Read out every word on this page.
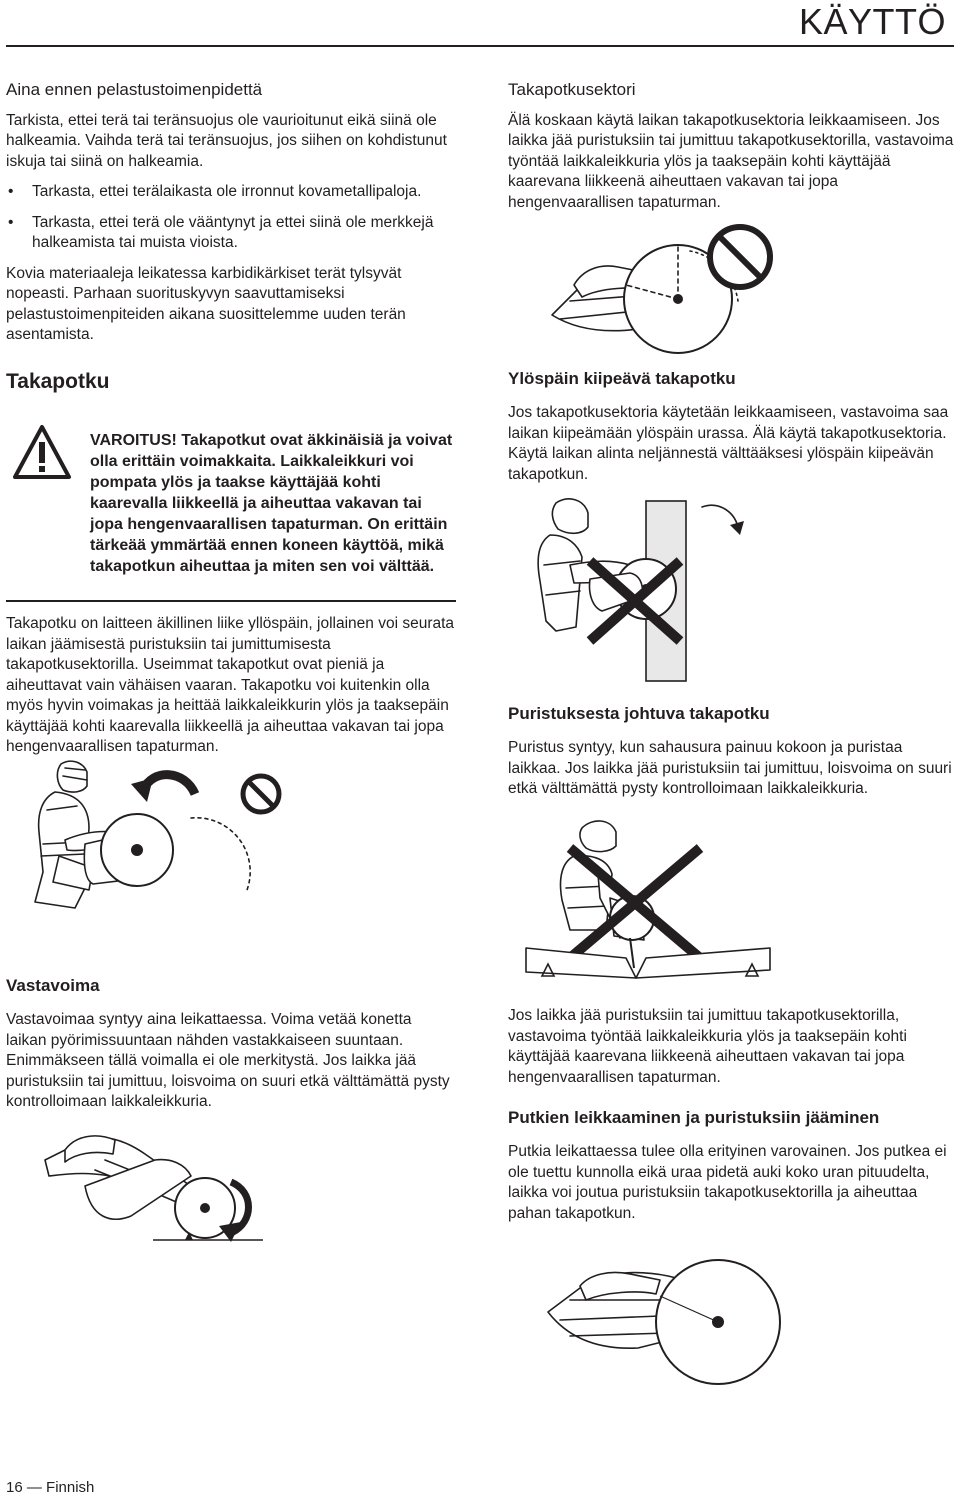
KÄYTTÖ
Aina ennen pelastustoimenpidettä

Tarkista, ettei terä tai teränsuojus ole vaurioitunut eikä siinä ole halkeamia. Vaihda terä tai teränsuojus, jos siihen on kohdistunut iskuja tai siinä on halkeamia.

• Tarkasta, ettei terälaikasta ole irronnut kovametallipaloja.
• Tarkasta, ettei terä ole vääntynyt ja ettei siinä ole merkkejä halkeamista tai muista vioista.

Kovia materiaaleja leikatessa karbidikärkiset terät tylsyvät nopeasti. Parhaan suorituskyvyn saavuttamiseksi pelastustoimenpiteiden aikana suosittelemme uuden terän asentamista.

Takapotku
VAROITUS! Takapotkut ovat äkkinäisiä ja voivat olla erittäin voimakkaita. Laikkaleikkuri voi pompata ylös ja taakse käyttäjää kohti kaarevalla liikkeellä ja aiheuttaa vakavan tai jopa hengenvaarallisen tapaturman. On erittäin tärkeää ymmärtää ennen koneen käyttöä, mikä takapotkun aiheuttaa ja miten sen voi välttää.
Takapotku on laitteen äkillinen liike yllöspäin, jollainen voi seurata laikan jäämisestä puristuksiin tai jumittumisesta takapotkusektorilla. Useimmat takapotkut ovat pieniä ja aiheuttavat vain vähäisen vaaran. Takapotku voi kuitenkin olla myös hyvin voimakas ja heittää laikkaleikkurin ylös ja taaksepäin käyttäjää kohti kaarevalla liikkeellä ja aiheuttaa vakavan tai jopa hengenvaarallisen tapaturman.
Vastavoima
Vastavoimaa syntyy aina leikattaessa. Voima vetää konetta laikan pyörimissuuntaan nähden vastakkaiseen suuntaan. Enimmäkseen tällä voimalla ei ole merkitystä. Jos laikka jää puristuksiin tai jumittuu, loisvoima on suuri etkä välttämättä pysty kontrolloimaan laikkaleikkuria.
Takapotkusektori

Älä koskaan käytä laikan takapotkusektoria leikkaamiseen. Jos laikka jää puristuksiin tai jumittuu takapotkusektorilla, vastavoima työntää laikkaleikkuria ylös ja taaksepäin kohti käyttäjää kaarevana liikkeenä aiheuttaen vakavan tai jopa hengenvaarallisen tapaturman.

Ylöspäin kiipeävä takapotku
Jos takapotkusektoria käytetään leikkaamiseen, vastavoima saa laikan kiipeämään ylöspäin urassa. Älä käytä takapotkusektoria. Käytä laikan alinta neljännestä välttääksesi ylöspäin kiipeävän takapotkun.
Puristuksesta johtuva takapotku
Puristus syntyy, kun sahausura painuu kokoon ja puristaa laikkaa. Jos laikka jää puristuksiin tai jumittuu, loisvoima on suuri etkä välttämättä pysty kontrolloimaan laikkaleikkuria.
Jos laikka jää puristuksiin tai jumittuu takapotkusektorilla, vastavoima työntää laikkaleikkuria ylös ja taaksepäin kohti käyttäjää kaarevana liikkeenä aiheuttaen vakavan tai jopa hengenvaarallisen tapaturman.
Putkien leikkaaminen ja puristuksiin jääminen
Putkia leikattaessa tulee olla erityinen varovainen. Jos putkea ei ole tuettu kunnolla eikä uraa pidetä auki koko uran pituudelta, laikka voi joutua puristuksiin takapotkusektorilla ja aiheuttaa pahan takapotkun.
16 — Finnish
